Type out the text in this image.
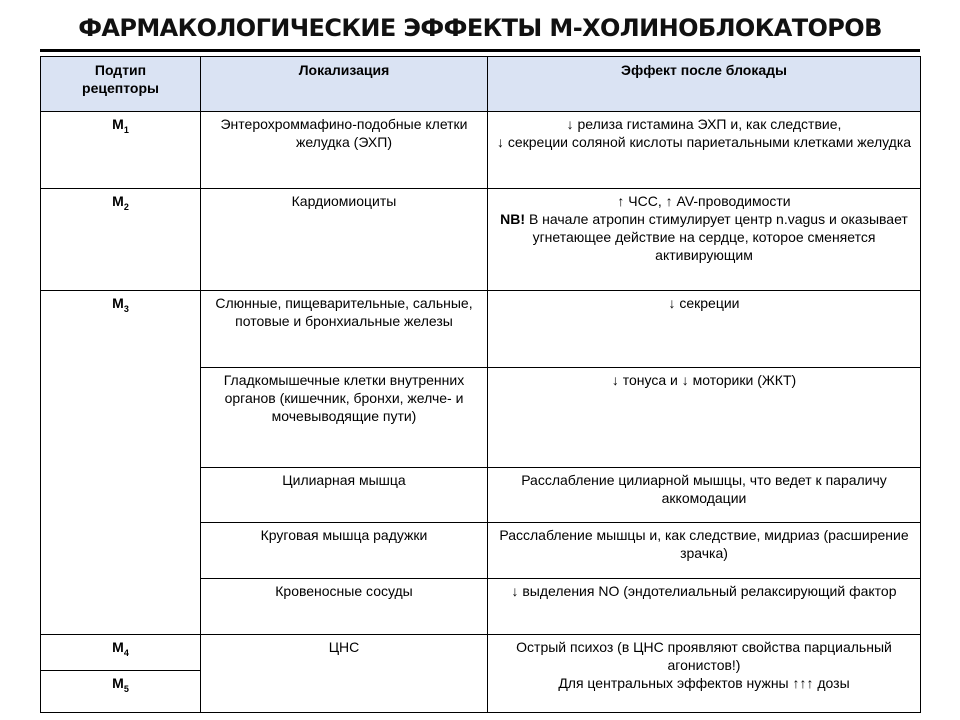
ФАРМАКОЛОГИЧЕСКИЕ ЭФФЕКТЫ М-ХОЛИНОБЛОКАТОРОВ
Подтип
рецепторы	Локализация	Эффект после блокады
$M_1$	Энтерохроммафино-подобные клетки желудка (ЭХП)	↓ релиза гистамина ЭХП и, как следствие,
↓ секреции соляной кислоты париетальными клетками желудка

$M_2$	Кардиомиоциты	↑ ЧСС, ↑ AV-проводимости
NB! В начале атропин стимулирует центр n.vagus и оказывает угнетающее действие на сердце, которое сменяется активирующим
$M_3$	Слюнные, пищеварительные, сальные, потовые и бронхиальные железы	↓ секреции
	Гладкомышечные клетки внутренних органов (кишечник, бронхи, желче- и мочевыводящие пути)	↓ тонуса и ↓ моторики (ЖКТ)
	Цилиарная мышца	Расслабление цилиарной мышцы, что ведет к параличу аккомодации
	Круговая мышца радужки	Расслабление мышцы и, как следствие, мидриаз (расширение зрачка)
	Кровеносные сосуды	↓ выделения NO (эндотелиальный релаксирующий фактор
$M_4$	ЦНС	Острый психоз (в ЦНС проявляют свойства парциальный агонистов!)
Для центральных эффектов нужны ↑↑↑ дозы

$M_5$
